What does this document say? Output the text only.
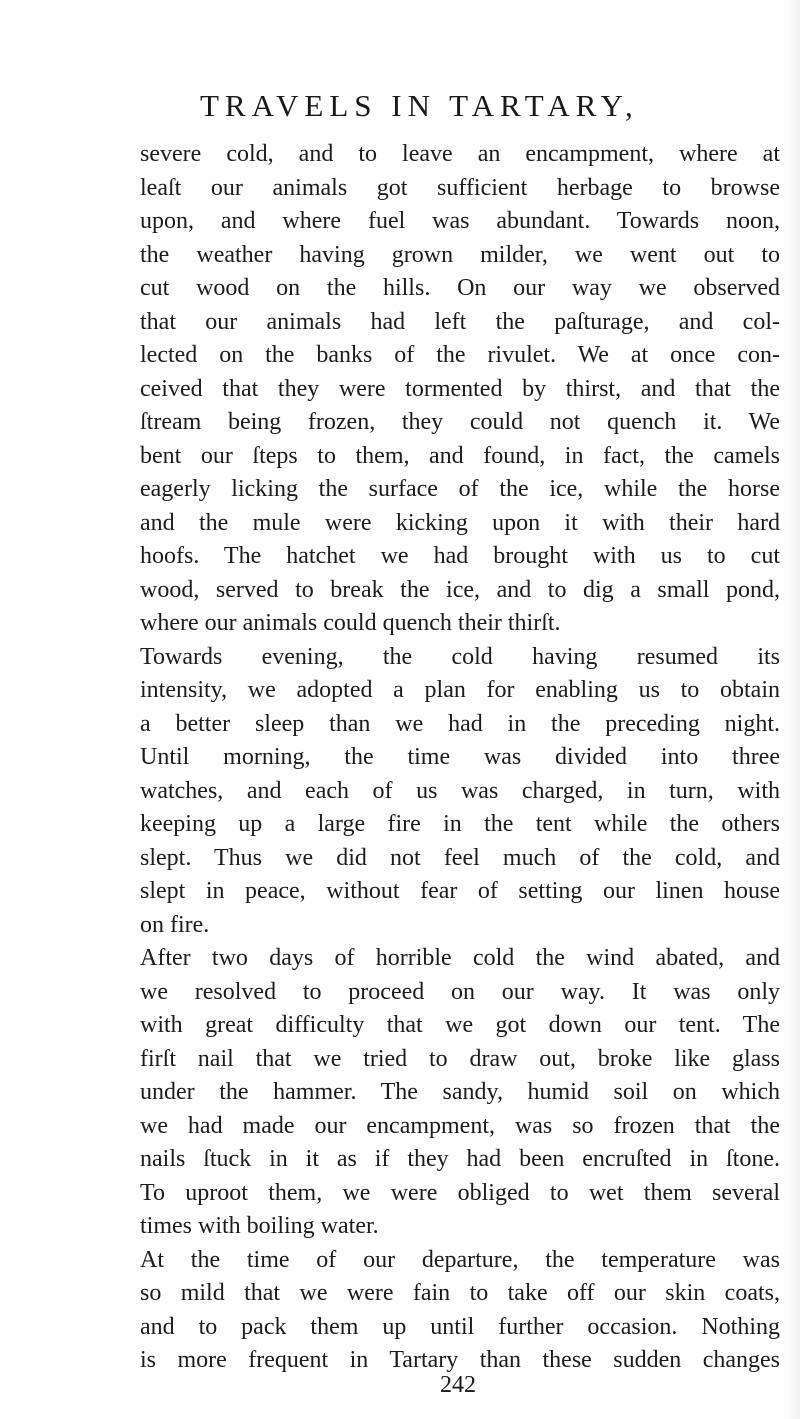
TRAVELS IN TARTARY,
severe cold, and to leave an encampment, where at
leaſt our animals got sufficient herbage to browse
upon, and where fuel was abundant. Towards noon,
the weather having grown milder, we went out to
cut wood on the hills. On our way we observed
that our animals had left the paſturage, and col-
lected on the banks of the rivulet. We at once con-
ceived that they were tormented by thirst, and that the
ſtream being frozen, they could not quench it. We
bent our ſteps to them, and found, in fact, the camels
eagerly licking the surface of the ice, while the horse
and the mule were kicking upon it with their hard
hoofs. The hatchet we had brought with us to cut
wood, served to break the ice, and to dig a small pond,
where our animals could quench their thirſt.
Towards evening, the cold having resumed its
intensity, we adopted a plan for enabling us to obtain
a better sleep than we had in the preceding night.
Until morning, the time was divided into three
watches, and each of us was charged, in turn, with
keeping up a large fire in the tent while the others
slept. Thus we did not feel much of the cold, and
slept in peace, without fear of setting our linen house
on fire.
After two days of horrible cold the wind abated, and
we resolved to proceed on our way. It was only
with great difficulty that we got down our tent. The
firſt nail that we tried to draw out, broke like glass
under the hammer. The sandy, humid soil on which
we had made our encampment, was so frozen that the
nails ſtuck in it as if they had been encruſted in ſtone.
To uproot them, we were obliged to wet them several
times with boiling water.
At the time of our departure, the temperature was
so mild that we were fain to take off our skin coats,
and to pack them up until further occasion. Nothing
is more frequent in Tartary than these sudden changes
242
